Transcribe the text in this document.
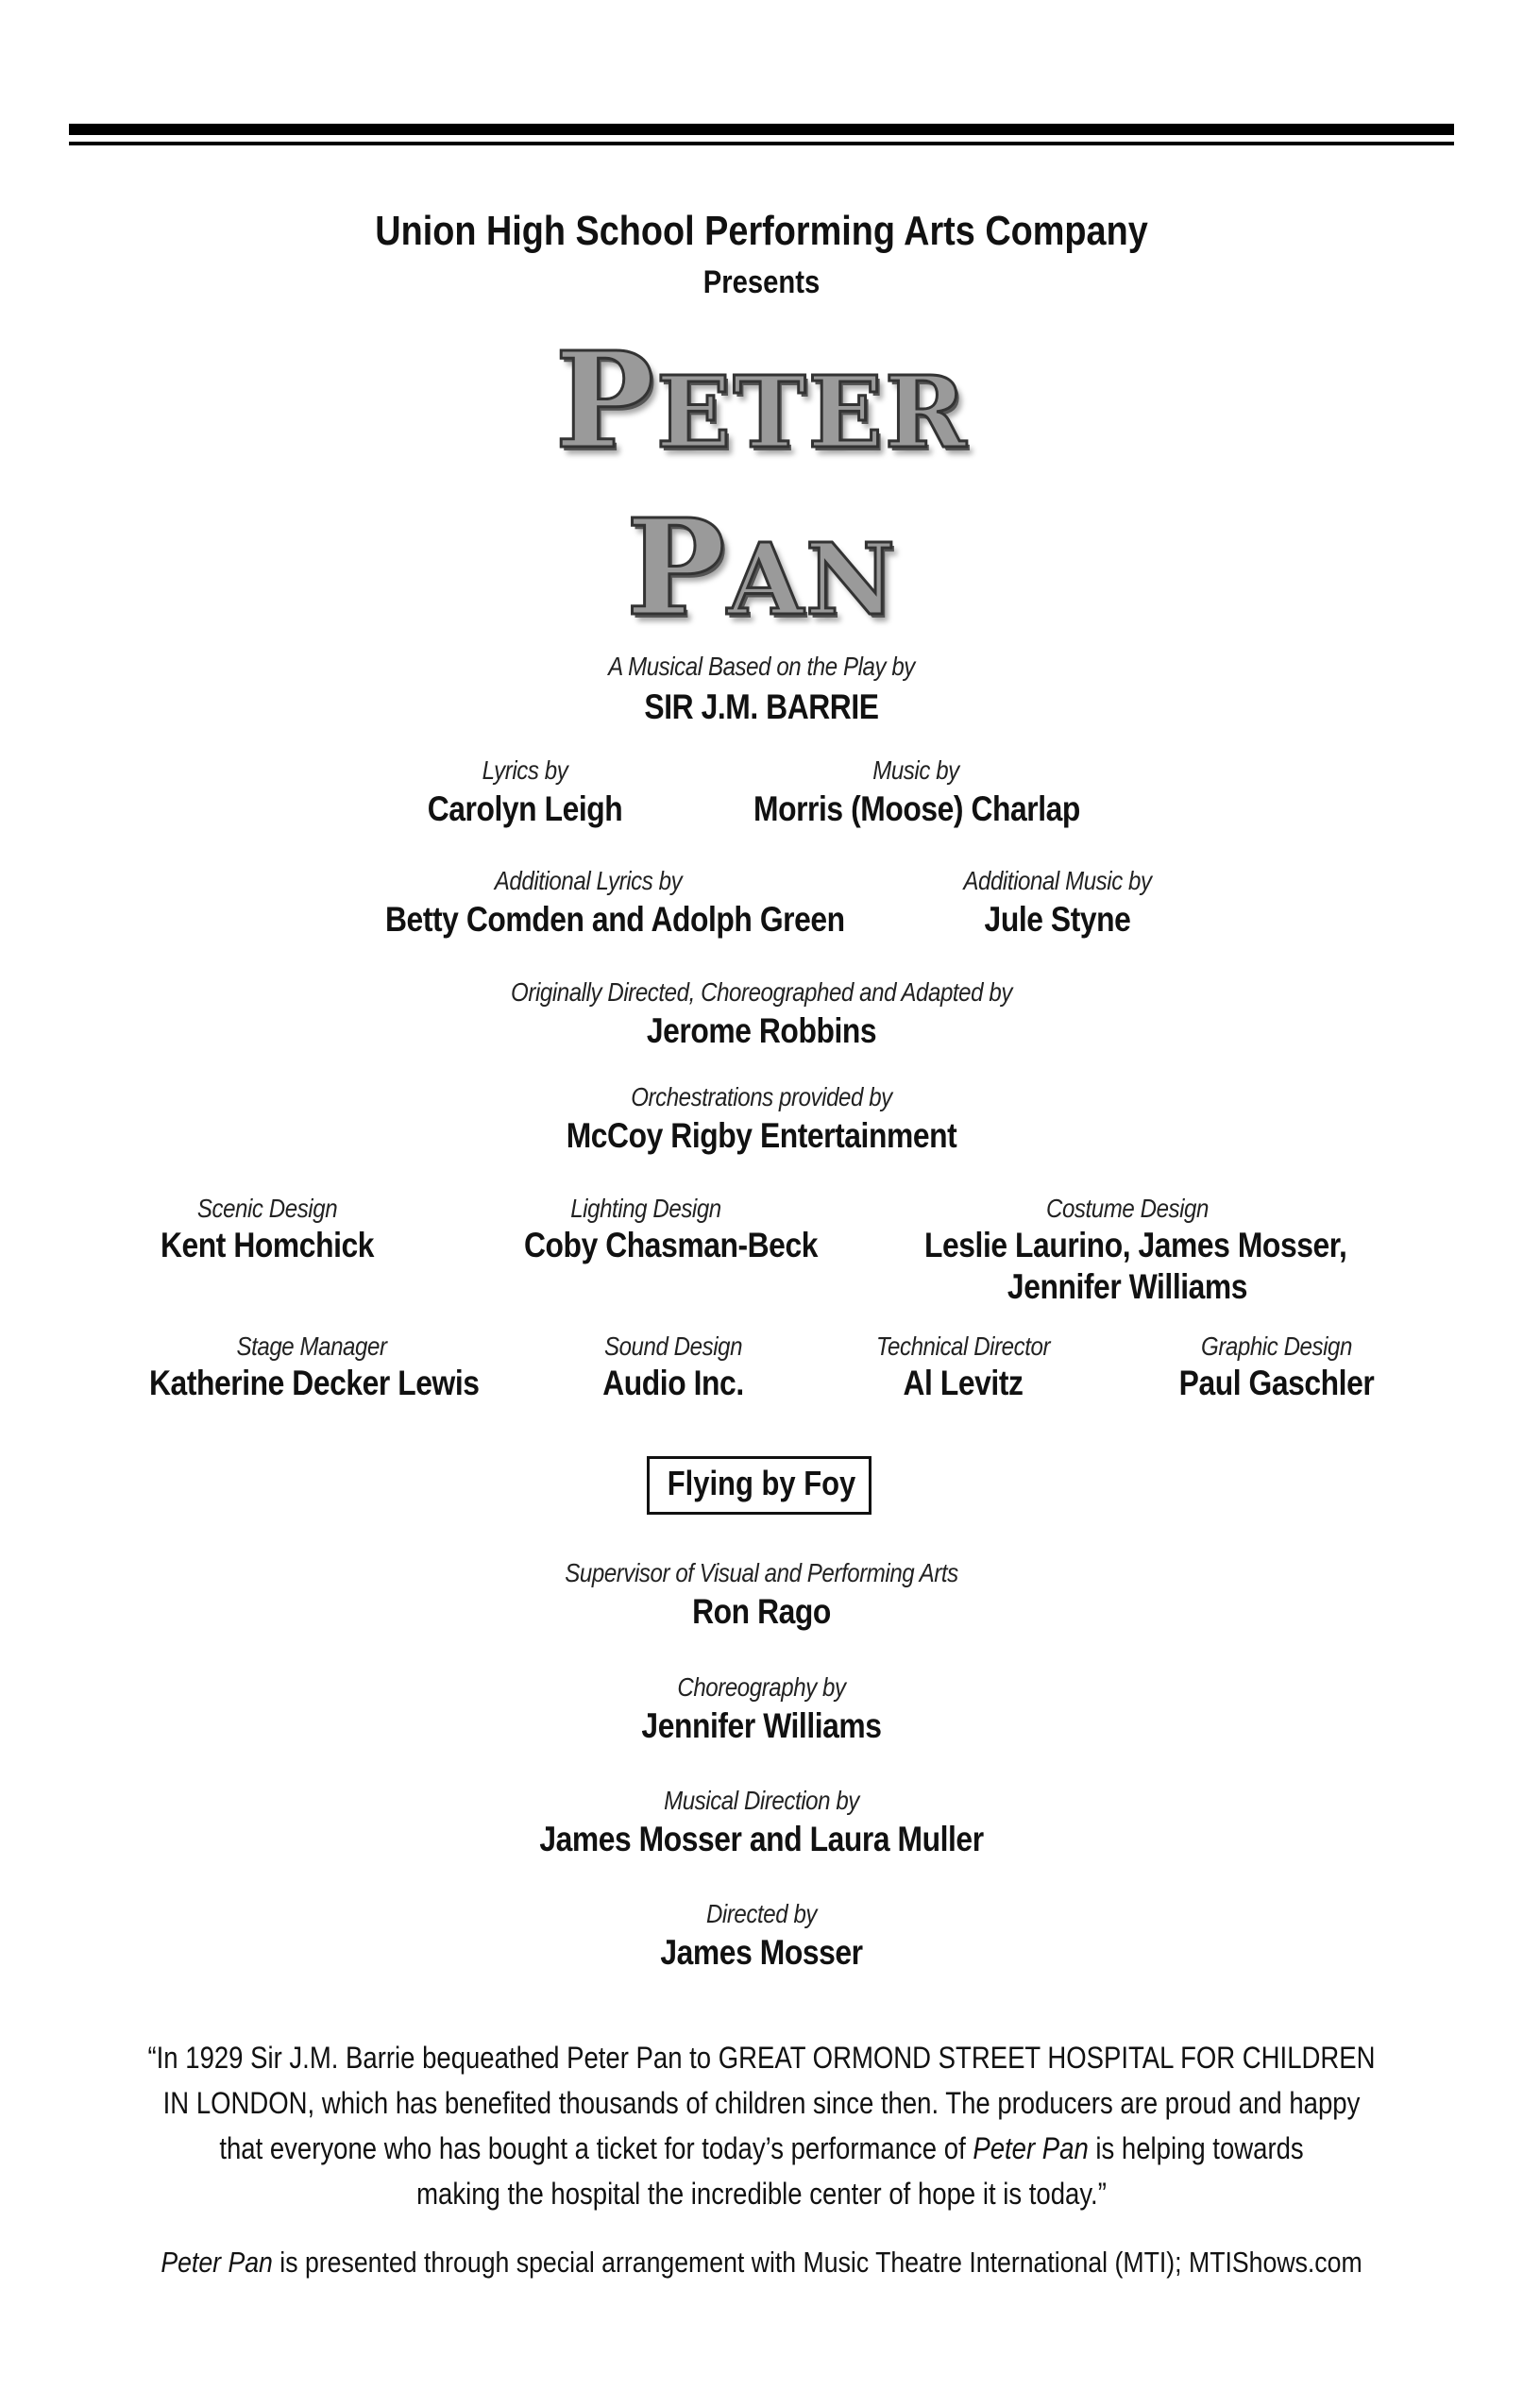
Union High School Performing Arts Company
Presents
PETER
PAN
A Musical Based on the Play by
SIR J.M. BARRIE
Lyrics by
Carolyn Leigh
Music by
Morris (Moose) Charlap
Additional Lyrics by
Betty Comden and Adolph Green
Additional Music by
Jule Styne
Originally Directed, Choreographed and Adapted by
Jerome Robbins
Orchestrations provided by
McCoy Rigby Entertainment
Scenic Design
Kent Homchick
Lighting Design
Coby Chasman-Beck
Costume Design
Leslie Laurino, James Mosser,
Jennifer Williams
Stage Manager
Katherine Decker Lewis
Sound Design
Audio Inc.
Technical Director
Al Levitz
Graphic Design
Paul Gaschler
Flying by Foy
Supervisor of Visual and Performing Arts
Ron Rago
Choreography by
Jennifer Williams
Musical Direction by
James Mosser and Laura Muller
Directed by
James Mosser
“In 1929 Sir J.M. Barrie bequeathed Peter Pan to GREAT ORMOND STREET HOSPITAL FOR CHILDREN
IN LONDON, which has benefited thousands of children since then. The producers are proud and happy
that everyone who has bought a ticket for today’s performance of Peter Pan is helping towards
making the hospital the incredible center of hope it is today.”
Peter Pan is presented through special arrangement with Music Theatre International (MTI); MTIShows.com
